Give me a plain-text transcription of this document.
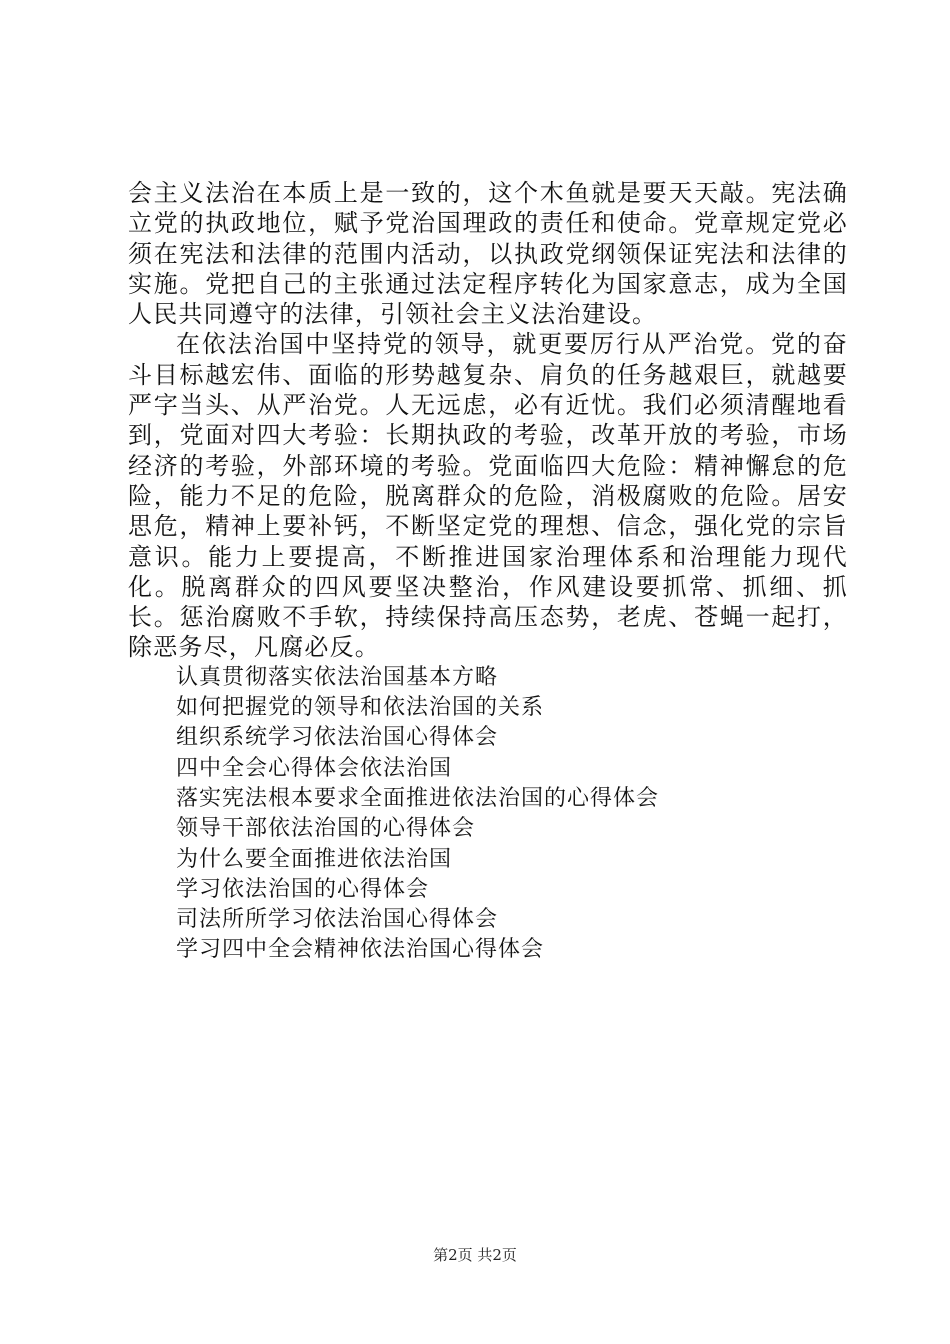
会主义法治在本质上是一致的，这个木鱼就是要天天敲。宪法确立党的执政地位，赋予党治国理政的责任和使命。党章规定党必须在宪法和法律的范围内活动，以执政党纲领保证宪法和法律的实施。党把自己的主张通过法定程序转化为国家意志，成为全国人民共同遵守的法律，引领社会主义法治建设。

在依法治国中坚持党的领导，就更要厉行从严治党。党的奋斗目标越宏伟、面临的形势越复杂、肩负的任务越艰巨，就越要严字当头、从严治党。人无远虑，必有近忧。我们必须清醒地看到，党面对四大考验：长期执政的考验，改革开放的考验，市场经济的考验，外部环境的考验。党面临四大危险：精神懈怠的危险，能力不足的危险，脱离群众的危险，消极腐败的危险。居安思危，精神上要补钙，不断坚定党的理想、信念，强化党的宗旨意识。能力上要提高，不断推进国家治理体系和治理能力现代化。脱离群众的四风要坚决整治，作风建设要抓常、抓细、抓长。惩治腐败不手软，持续保持高压态势，老虎、苍蝇一起打，除恶务尽，凡腐必反。

认真贯彻落实依法治国基本方略
如何把握党的领导和依法治国的关系
组织系统学习依法治国心得体会
四中全会心得体会依法治国
落实宪法根本要求全面推进依法治国的心得体会
领导干部依法治国的心得体会
为什么要全面推进依法治国
学习依法治国的心得体会
司法所所学习依法治国心得体会
学习四中全会精神依法治国心得体会
第2页 共2页
